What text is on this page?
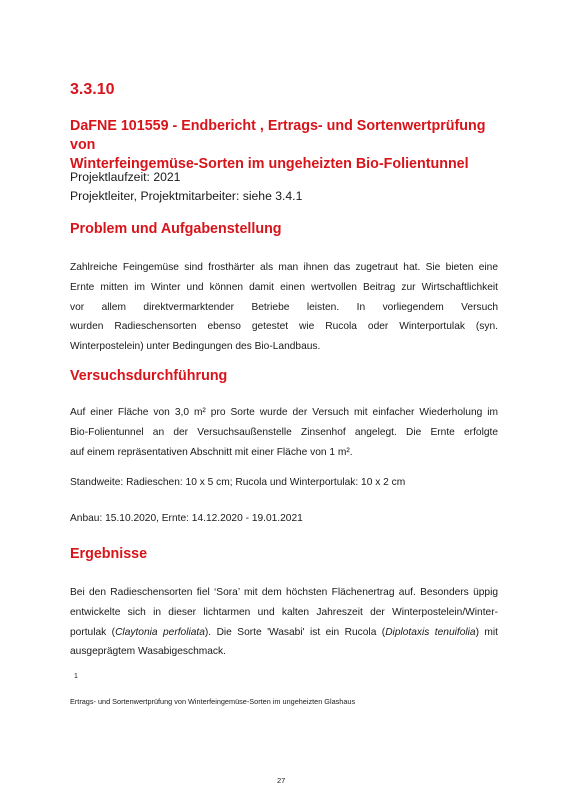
3.3.10
DaFNE 101559 - Endbericht , Ertrags- und Sortenwertprüfung von
Winterfeingemüse-Sorten im ungeheizten Bio-Folientunnel
Projektlaufzeit: 2021
Projektleiter, Projektmitarbeiter: siehe 3.4.1
Problem und Aufgabenstellung
Zahlreiche Feingemüse sind frosthärter als man ihnen das zugetraut hat. Sie bieten eine
Ernte mitten im Winter und können damit einen wertvollen Beitrag zur Wirtschaftlichkeit
vor allem direktvermarktender Betriebe leisten. In vorliegendem Versuch
wurden Radieschensorten ebenso getestet wie Rucola oder Winterportulak (syn.
Winterpostelein) unter Bedingungen des Bio-Landbaus.
Versuchsdurchführung
Auf einer Fläche von 3,0 m² pro Sorte wurde der Versuch mit einfacher Wiederholung im
Bio-Folientunnel an der Versuchsaußenstelle Zinsenhof angelegt. Die Ernte erfolgte
auf einem repräsentativen Abschnitt mit einer Fläche von 1 m².
Standweite: Radieschen: 10 x 5 cm; Rucola und Winterportulak: 10 x 2 cm
Anbau: 15.10.2020, Ernte: 14.12.2020 - 19.01.2021
Ergebnisse
Bei den Radieschensorten fiel ‘Sora’ mit dem höchsten Flächenertrag auf. Besonders üppig
entwickelte sich in dieser lichtarmen und kalten Jahreszeit der Winterpostelein/Winter-
portulak (Claytonia perfoliata). Die Sorte 'Wasabi' ist ein Rucola (Diplotaxis tenuifolia) mit
ausgeprägtem Wasabigeschmack.
1
Ertrags- und Sortenwertprüfung von Winterfeingemüse-Sorten im ungeheizten Glashaus
27
